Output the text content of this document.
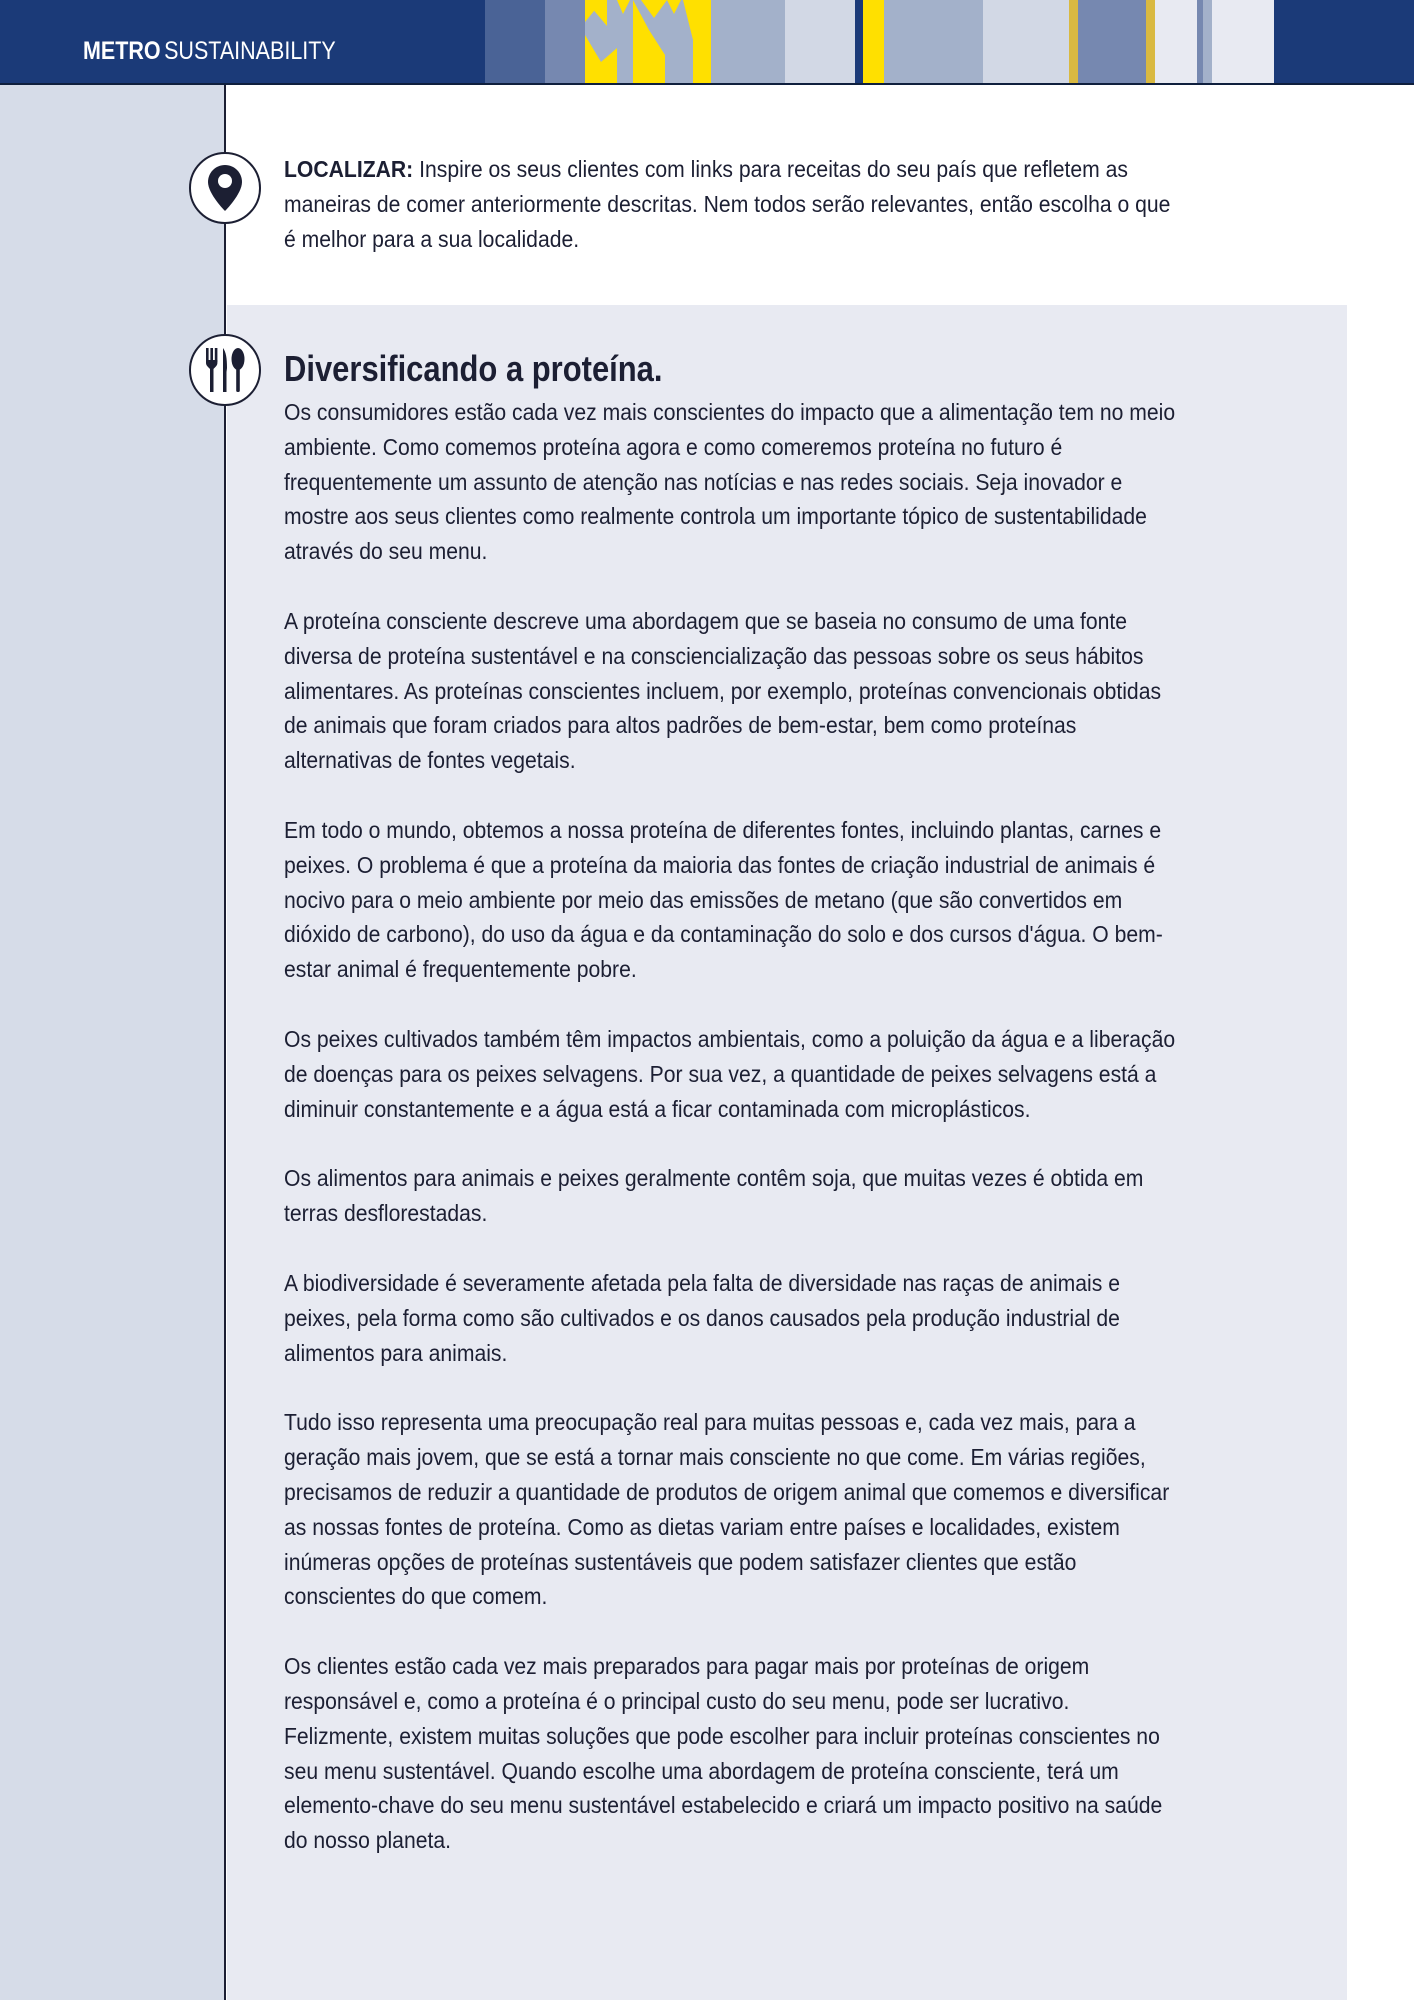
METRO SUSTAINABILITY

LOCALIZAR: Inspire os seus clientes com links para receitas do seu país que refletem as maneiras de comer anteriormente descritas. Nem todos serão relevantes, então escolha o que é melhor para a sua localidade.

Diversificando a proteína.

Os consumidores estão cada vez mais conscientes do impacto que a alimentação tem no meio ambiente. Como comemos proteína agora e como comeremos proteína no futuro é frequentemente um assunto de atenção nas notícias e nas redes sociais. Seja inovador e mostre aos seus clientes como realmente controla um importante tópico de sustentabilidade através do seu menu.

A proteína consciente descreve uma abordagem que se baseia no consumo de uma fonte diversa de proteína sustentável e na consciencialização das pessoas sobre os seus hábitos alimentares. As proteínas conscientes incluem, por exemplo, proteínas convencionais obtidas de animais que foram criados para altos padrões de bem-estar, bem como proteínas alternativas de fontes vegetais.

Em todo o mundo, obtemos a nossa proteína de diferentes fontes, incluindo plantas, carnes e peixes. O problema é que a proteína da maioria das fontes de criação industrial de animais é nocivo para o meio ambiente por meio das emissões de metano (que são convertidos em dióxido de carbono), do uso da água e da contaminação do solo e dos cursos d'água. O bem-estar animal é frequentemente pobre.

Os peixes cultivados também têm impactos ambientais, como a poluição da água e a liberação de doenças para os peixes selvagens. Por sua vez, a quantidade de peixes selvagens está a diminuir constantemente e a água está a ficar contaminada com microplásticos.

Os alimentos para animais e peixes geralmente contêm soja, que muitas vezes é obtida em terras desflorestadas.

A biodiversidade é severamente afetada pela falta de diversidade nas raças de animais e peixes, pela forma como são cultivados e os danos causados pela produção industrial de alimentos para animais.

Tudo isso representa uma preocupação real para muitas pessoas e, cada vez mais, para a geração mais jovem, que se está a tornar mais consciente no que come. Em várias regiões, precisamos de reduzir a quantidade de produtos de origem animal que comemos e diversificar as nossas fontes de proteína. Como as dietas variam entre países e localidades, existem inúmeras opções de proteínas sustentáveis que podem satisfazer clientes que estão conscientes do que comem.

Os clientes estão cada vez mais preparados para pagar mais por proteínas de origem responsável e, como a proteína é o principal custo do seu menu, pode ser lucrativo. Felizmente, existem muitas soluções que pode escolher para incluir proteínas conscientes no seu menu sustentável. Quando escolhe uma abordagem de proteína consciente, terá um elemento-chave do seu menu sustentável estabelecido e criará um impacto positivo na saúde do nosso planeta.
